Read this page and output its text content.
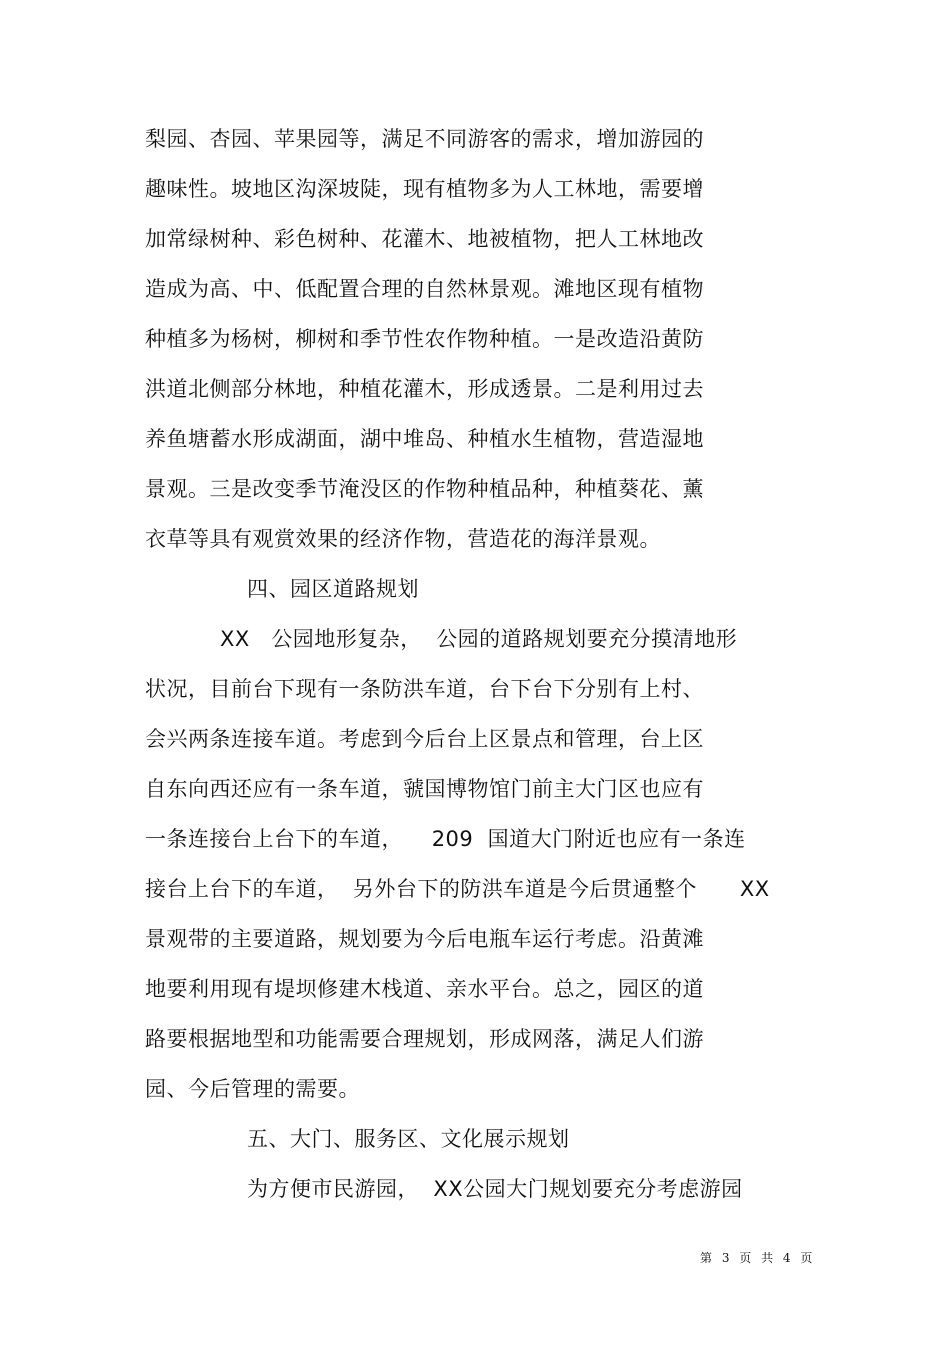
梨园、杏园、苹果园等，满足不同游客的需求，增加游园的
趣味性。坡地区沟深坡陡，现有植物多为人工林地，需要增
加常绿树种、彩色树种、花灌木、地被植物，把人工林地改
造成为高、中、低配置合理的自然林景观。滩地区现有植物
种植多为杨树，柳树和季节性农作物种植。一是改造沿黄防
洪道北侧部分林地，种植花灌木，形成透景。二是利用过去
养鱼塘蓄水形成湖面，湖中堆岛、种植水生植物，营造湿地
景观。三是改变季节淹没区的作物种植品种，种植葵花、薰
衣草等具有观赏效果的经济作物，营造花的海洋景观。
四、园区道路规划
XX   公园地形复杂，  公园的道路规划要充分摸清地形
状况，目前台下现有一条防洪车道，台下台下分别有上村、
会兴两条连接车道。考虑到今后台上区景点和管理，台上区
自东向西还应有一条车道，虢国博物馆门前主大门区也应有
一条连接台上台下的车道，    209  国道大门附近也应有一条连
接台上台下的车道，  另外台下的防洪车道是今后贯通整个      XX
景观带的主要道路，规划要为今后电瓶车运行考虑。沿黄滩
地要利用现有堤坝修建木栈道、亲水平台。总之，园区的道
路要根据地型和功能需要合理规划，形成网落，满足人们游
园、今后管理的需要。
五、大门、服务区、文化展示规划
为方便市民游园，  XX公园大门规划要充分考虑游园
第 3 页 共 4 页
